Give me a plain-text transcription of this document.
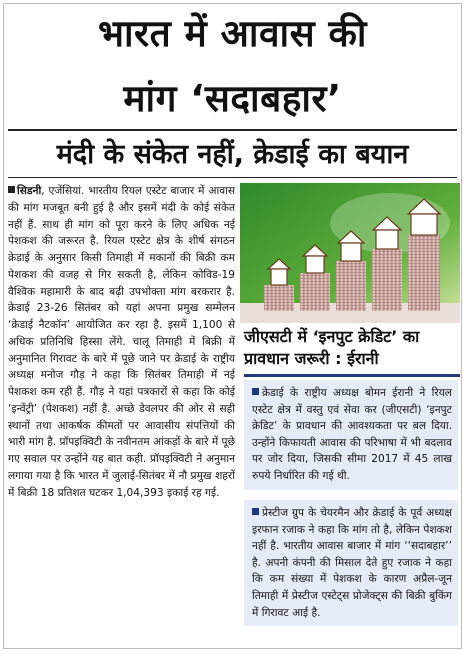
भारत में आवास की
मांग ‘सदाबहार’
मंदी के संकेत नहीं, क्रेडाई का बयान

सिडनी, एजेंसियां. भारतीय रियल एस्टेट बाजार में आवास की मांग मजबूत बनी हुई है और इसमें मंदी के कोई संकेत नहीं हैं. साथ ही मांग को पूरा करने के लिए अधिक नई पेशकश की जरूरत है. रियल एस्टेट क्षेत्र के शीर्ष संगठन क्रेडाई के अनुसार किसी तिमाही में मकानों की बिक्री कम पेशकश की वजह से गिर सकती है, लेकिन कोविड-19 वैश्विक महामारी के बाद बढ़ी उपभोक्ता मांग बरकरार है. क्रेडाई 23-26 सितंबर को यहां अपना प्रमुख सम्मेलन ‘क्रेडाई नैटकॉन’ आयोजित कर रहा है. इसमें 1,100 से अधिक प्रतिनिधि हिस्सा लेंगे. चालू तिमाही में बिक्री में अनुमानित गिरावट के बारे में पूछे जाने पर क्रेडाई के राष्ट्रीय अध्यक्ष मनोज गौड़ ने कहा कि सितंबर तिमाही में नई पेशकश कम रही हैं. गौड़ ने यहां पत्रकारों से कहा कि कोई ‘इन्वेंट्री’ (पेशकश) नहीं है. अच्छे डेवलपर की ओर से सही स्थानों तथा आकर्षक कीमतों पर आवासीय संपत्तियों की भारी मांग है. प्रॉपइक्विटी के नवीनतम आंकड़ों के बारे में पूछे गए सवाल पर उन्होंने यह बात कही. प्रॉपइक्विटी ने अनुमान लगाया गया है कि भारत में जुलाई-सितंबर में नौ प्रमुख शहरों में बिक्री 18 प्रतिशत घटकर 1,04,393 इकाई रह गई.

जीएसटी में ‘इनपुट क्रेडिट’ का प्रावधान जरूरी : ईरानी

क्रेडाई के राष्ट्रीय अध्यक्ष बोमन ईरानी ने रियल एस्टेट क्षेत्र में वस्तु एवं सेवा कर (जीएसटी) ‘इनपुट क्रेडिट’ के प्रावधान की आवश्यकता पर बल दिया. उन्होंने किफायती आवास की परिभाषा में भी बदलाव पर जोर दिया, जिसकी सीमा 2017 में 45 लाख रुपये निर्धारित की गई थी.

प्रेस्टीज ग्रुप के चेयरमैन और क्रेडाई के पूर्व अध्यक्ष इरफान रजाक ने कहा कि मांग तो है, लेकिन पेशकश नहीं है. भारतीय आवास बाजार में मांग ‘‘सदाबहार’’ है. अपनी कंपनी की मिसाल देते हुए रजाक ने कहा कि कम संख्या में पेशकश के कारण अप्रैल-जून तिमाही में प्रेस्टीज एस्टेट्स प्रोजेक्ट्स की बिक्री बुकिंग में गिरावट आई है.
